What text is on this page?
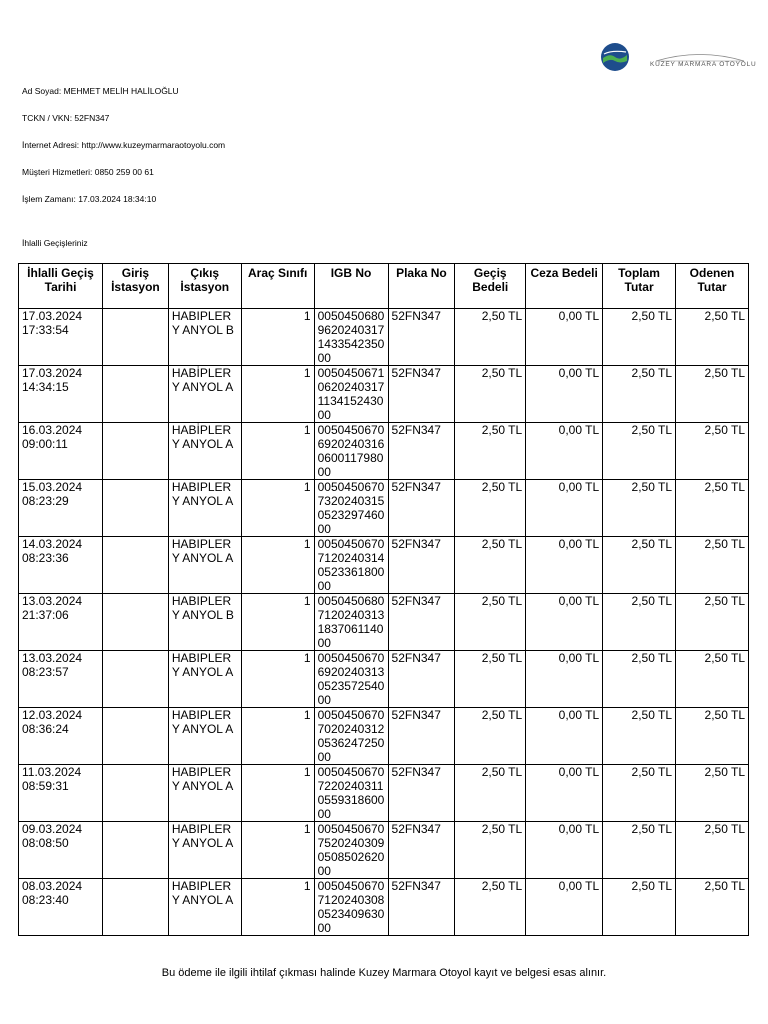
KUZEY MARMARA OTOYOLU
Ad Soyad: MEHMET MELİH HALİLOĞLU
TCKN / VKN: 52FN347
İnternet Adresi: http://www.kuzeymarmaraotoyolu.com
Müşteri Hizmetleri: 0850 259 00 61
İşlem Zamanı: 17.03.2024 18:34:10
İhlalli Geçişleriniz
İhlalli Geçiş Tarihi	Giriş İstasyon	Çıkış İstasyon	Araç Sınıfı	IGB No	Plaka No	Geçiş Bedeli	Ceza Bedeli	Toplam Tutar	Odenen Tutar
17.03.2024 17:33:54		HABIPLERY ANYOL B	1	00504506809620240317143354235000	52FN347	2,50 TL	0,00 TL	2,50 TL	2,50 TL
17.03.2024 14:34:15		HABİPLERY ANYOL A	1	00504506710620240317113415243000	52FN347	2,50 TL	0,00 TL	2,50 TL	2,50 TL
16.03.2024 09:00:11		HABİPLERY ANYOL A	1	00504506706920240316060011798000	52FN347	2,50 TL	0,00 TL	2,50 TL	2,50 TL
15.03.2024 08:23:29		HABIPLERY ANYOL A	1	00504506707320240315052329746000	52FN347	2,50 TL	0,00 TL	2,50 TL	2,50 TL
14.03.2024 08:23:36		HABIPLERY ANYOL A	1	00504506707120240314052336180000	52FN347	2,50 TL	0,00 TL	2,50 TL	2,50 TL
13.03.2024 21:37:06		HABIPLERY ANYOL B	1	00504506807120240313183706114000	52FN347	2,50 TL	0,00 TL	2,50 TL	2,50 TL
13.03.2024 08:23:57		HABIPLERY ANYOL A	1	00504506706920240313052357254000	52FN347	2,50 TL	0,00 TL	2,50 TL	2,50 TL
12.03.2024 08:36:24		HABIPLERY ANYOL A	1	00504506707020240312053624725000	52FN347	2,50 TL	0,00 TL	2,50 TL	2,50 TL
11.03.2024 08:59:31		HABIPLERY ANYOL A	1	00504506707220240311055931860000	52FN347	2,50 TL	0,00 TL	2,50 TL	2,50 TL
09.03.2024 08:08:50		HABIPLERY ANYOL A	1	00504506707520240309050850262000	52FN347	2,50 TL	0,00 TL	2,50 TL	2,50 TL
08.03.2024 08:23:40		HABIPLERY ANYOL A	1	00504506707120240308052340963000	52FN347	2,50 TL	0,00 TL	2,50 TL	2,50 TL
Bu ödeme ile ilgili ihtilaf çıkması halinde Kuzey Marmara Otoyol kayıt ve belgesi esas alınır.
